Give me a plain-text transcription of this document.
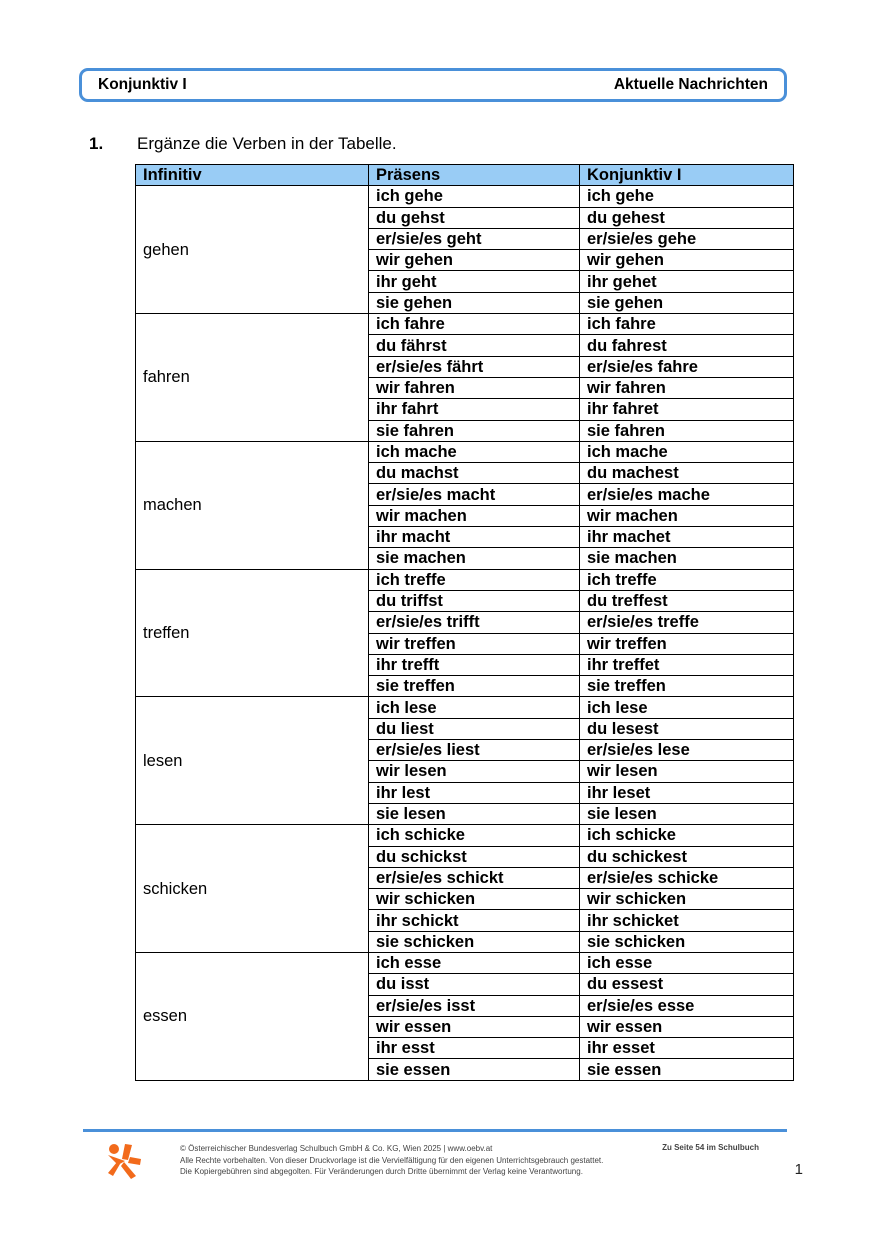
Konjunktiv I	Aktuelle Nachrichten
1.	Ergänze die Verben in der Tabelle.
Infinitiv	Präsens	Konjunktiv I
gehen	ich gehe	ich gehe
	du gehst	du gehest
	er/sie/es geht	er/sie/es gehe
	wir gehen	wir gehen
	ihr geht	ihr gehet
	sie gehen	sie gehen
fahren	ich fahre	ich fahre
	du fährst	du fahrest
	er/sie/es fährt	er/sie/es fahre
	wir fahren	wir fahren
	ihr fahrt	ihr fahret
	sie fahren	sie fahren
machen	ich mache	ich mache
	du machst	du machest
	er/sie/es macht	er/sie/es mache
	wir machen	wir machen
	ihr macht	ihr machet
	sie machen	sie machen
treffen	ich treffe	ich treffe
	du triffst	du treffest
	er/sie/es trifft	er/sie/es treffe
	wir treffen	wir treffen
	ihr trefft	ihr treffet
	sie treffen	sie treffen
lesen	ich lese	ich lese
	du liest	du lesest
	er/sie/es liest	er/sie/es lese
	wir lesen	wir lesen
	ihr lest	ihr leset
	sie lesen	sie lesen
schicken	ich schicke	ich schicke
	du schickst	du schickest
	er/sie/es schickt	er/sie/es schicke
	wir schicken	wir schicken
	ihr schickt	ihr schicket
	sie schicken	sie schicken
essen	ich esse	ich esse
	du isst	du essest
	er/sie/es isst	er/sie/es esse
	wir essen	wir essen
	ihr esst	ihr esset
	sie essen	sie essen
© Österreichischer Bundesverlag Schulbuch GmbH & Co. KG, Wien 2025 | www.oebv.at
Alle Rechte vorbehalten. Von dieser Druckvorlage ist die Vervielfältigung für den eigenen Unterrichtsgebrauch gestattet.
Die Kopiergebühren sind abgegolten. Für Veränderungen durch Dritte übernimmt der Verlag keine Verantwortung.
Zu Seite 54 im Schulbuch
1
